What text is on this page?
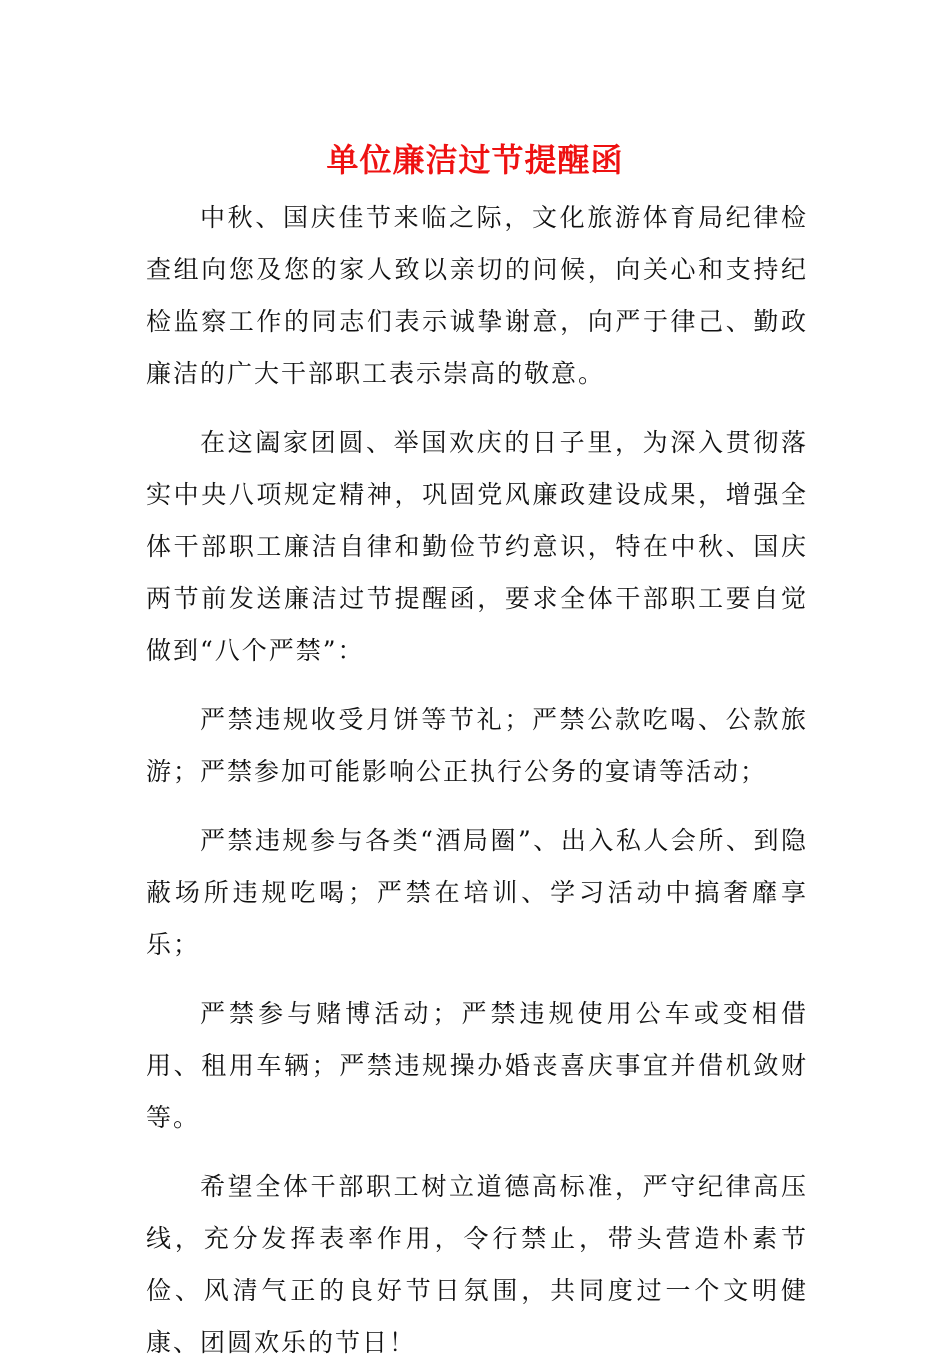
单位廉洁过节提醒函

中秋、国庆佳节来临之际，文化旅游体育局纪律检查组向您及您的家人致以亲切的问候，向关心和支持纪检监察工作的同志们表示诚挚谢意，向严于律己、勤政廉洁的广大干部职工表示崇高的敬意。

在这阖家团圆、举国欢庆的日子里，为深入贯彻落实中央八项规定精神，巩固党风廉政建设成果，增强全体干部职工廉洁自律和勤俭节约意识，特在中秋、国庆两节前发送廉洁过节提醒函，要求全体干部职工要自觉做到“八个严禁”：

严禁违规收受月饼等节礼；严禁公款吃喝、公款旅游；严禁参加可能影响公正执行公务的宴请等活动；

严禁违规参与各类“酒局圈”、出入私人会所、到隐蔽场所违规吃喝；严禁在培训、学习活动中搞奢靡享乐；

严禁参与赌博活动；严禁违规使用公车或变相借用、租用车辆；严禁违规操办婚丧喜庆事宜并借机敛财等。

希望全体干部职工树立道德高标准，严守纪律高压线，充分发挥表率作用，令行禁止，带头营造朴素节俭、风清气正的良好节日氛围，共同度过一个文明健康、团圆欢乐的节日！
